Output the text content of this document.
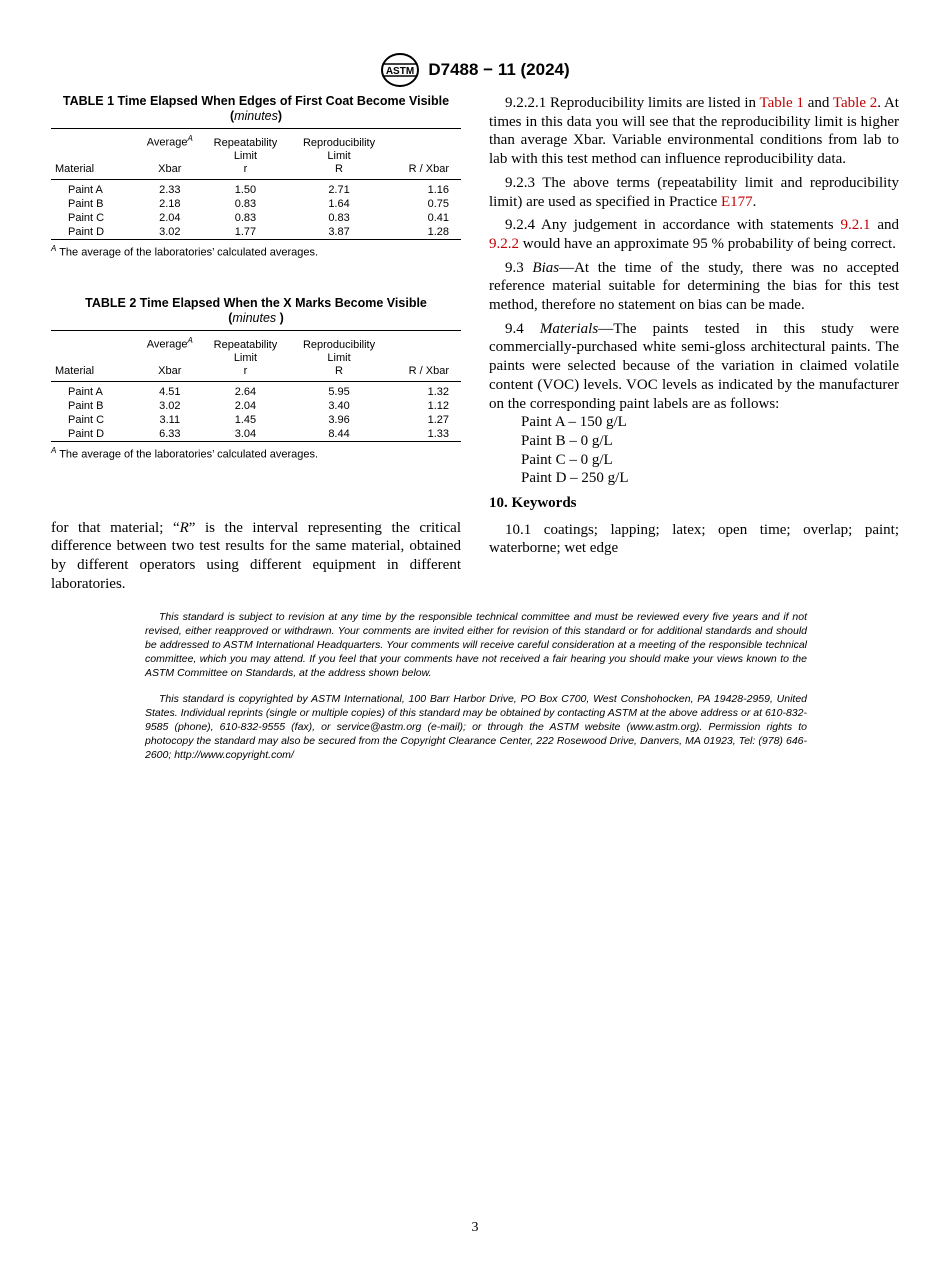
ASTM D7488 − 11 (2024)
TABLE 1 Time Elapsed When Edges of First Coat Become Visible
(minutes)
	Average$^A$	Repeatability	Reproducibility	
		Limit	Limit	
Material	Xbar	r	R	R / Xbar
Paint A	2.33	1.50	2.71	1.16
Paint B	2.18	0.83	1.64	0.75
Paint C	2.04	0.83	0.83	0.41
Paint D	3.02	1.77	3.87	1.28
$^A$ The average of the laboratories’ calculated averages.
TABLE 2 Time Elapsed When the X Marks Become Visible
(minutes )
	Average$^A$	Repeatability	Reproducibility	
		Limit	Limit	
Material	Xbar	r	R	R / Xbar
Paint A	4.51	2.64	5.95	1.32
Paint B	3.02	2.04	3.40	1.12
Paint C	3.11	1.45	3.96	1.27
Paint D	6.33	3.04	8.44	1.33
$^A$ The average of the laboratories’ calculated averages.

for that material; “R” is the interval representing the critical difference between two test results for the same material, obtained by different operators using different equipment in different laboratories.

9.2.2.1 Reproducibility limits are listed in Table 1 and Table 2. At times in this data you will see that the reproducibility limit is higher than average Xbar. Variable environmental conditions from lab to lab with this test method can influence reproducibility data.

9.2.3 The above terms (repeatability limit and reproducibility limit) are used as specified in Practice E177.

9.2.4 Any judgement in accordance with statements 9.2.1 and 9.2.2 would have an approximate 95 % probability of being correct.

9.3 Bias—At the time of the study, there was no accepted reference material suitable for determining the bias for this test method, therefore no statement on bias can be made.

9.4 Materials—The paints tested in this study were commercially-purchased white semi-gloss architectural paints. The paints were selected because of the variation in claimed volatile content (VOC) levels. VOC levels as indicated by the manufacturer on the corresponding paint labels are as follows:

Paint A – 150 g/L
Paint B – 0 g/L
Paint C – 0 g/L
Paint D – 250 g/L
10. Keywords

10.1 coatings; lapping; latex; open time; overlap; paint; waterborne; wet edge

This standard is subject to revision at any time by the responsible technical committee and must be reviewed every five years and if not revised, either reapproved or withdrawn. Your comments are invited either for revision of this standard or for additional standards and should be addressed to ASTM International Headquarters. Your comments will receive careful consideration at a meeting of the responsible technical committee, which you may attend. If you feel that your comments have not received a fair hearing you should make your views known to the ASTM Committee on Standards, at the address shown below.

This standard is copyrighted by ASTM International, 100 Barr Harbor Drive, PO Box C700, West Conshohocken, PA 19428-2959, United States. Individual reprints (single or multiple copies) of this standard may be obtained by contacting ASTM at the above address or at 610-832-9585 (phone), 610-832-9555 (fax), or service@astm.org (e-mail); or through the ASTM website (www.astm.org). Permission rights to photocopy the standard may also be secured from the Copyright Clearance Center, 222 Rosewood Drive, Danvers, MA 01923, Tel: (978) 646-2600; http://www.copyright.com/

3
